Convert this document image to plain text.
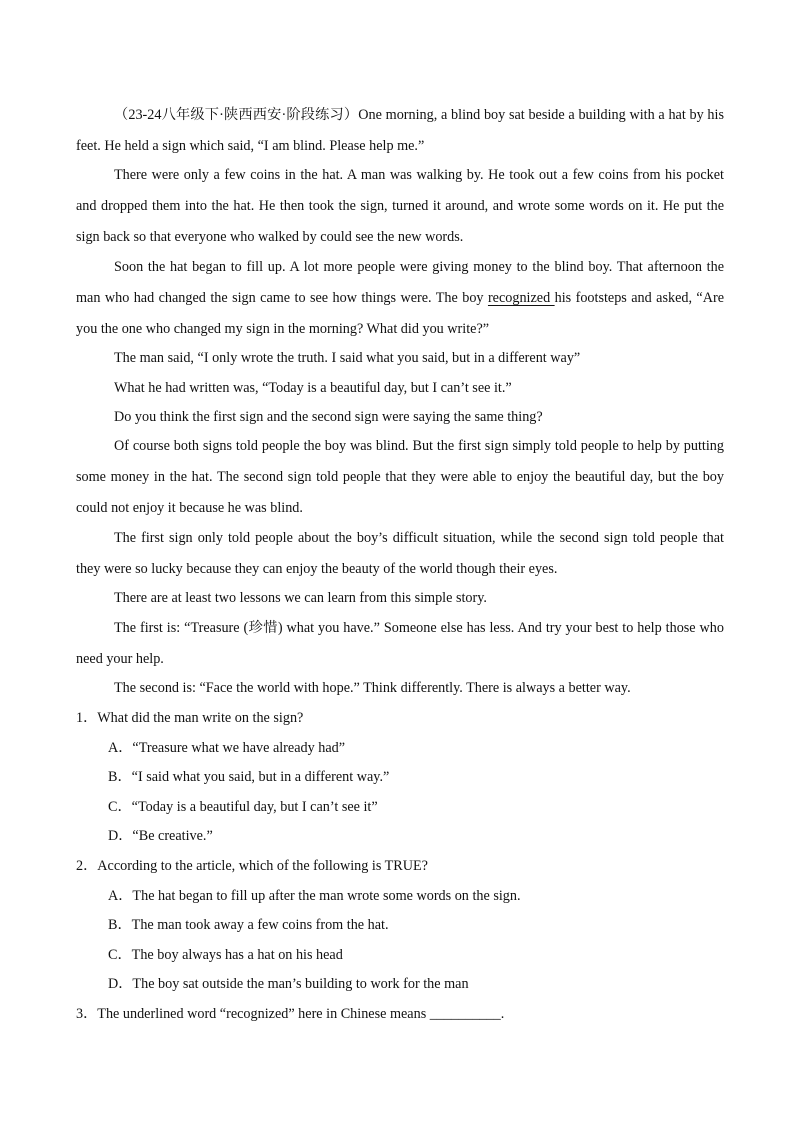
（23-24八年级下·陕西西安·阶段练习）One morning, a blind boy sat beside a building with a hat by his feet. He held a sign which said, “I am blind. Please help me.”

There were only a few coins in the hat. A man was walking by. He took out a few coins from his pocket and dropped them into the hat. He then took the sign, turned it around, and wrote some words on it. He put the sign back so that everyone who walked by could see the new words.

Soon the hat began to fill up. A lot more people were giving money to the blind boy. That afternoon the man who had changed the sign came to see how things were. The boy recognized his footsteps and asked, “Are you the one who changed my sign in the morning? What did you write?”

The man said, “I only wrote the truth. I said what you said, but in a different way”

What he had written was, “Today is a beautiful day, but I can’t see it.”

Do you think the first sign and the second sign were saying the same thing?

Of course both signs told people the boy was blind. But the first sign simply told people to help by putting some money in the hat. The second sign told people that they were able to enjoy the beautiful day, but the boy could not enjoy it because he was blind.

The first sign only told people about the boy’s difficult situation, while the second sign told people that they were so lucky because they can enjoy the beauty of the world though their eyes.

There are at least two lessons we can learn from this simple story.

The first is: “Treasure (珍惜) what you have.” Someone else has less. And try your best to help those who need your help.

The second is: “Face the world with hope.” Think differently. There is always a better way.

1．What did the man write on the sign?

A．“Treasure what we have already had”

B．“I said what you said, but in a different way.”

C．“Today is a beautiful day, but I can’t see it”

D．“Be creative.”

2．According to the article, which of the following is TRUE?

A．The hat began to fill up after the man wrote some words on the sign.

B．The man took away a few coins from the hat.

C．The boy always has a hat on his head

D．The boy sat outside the man’s building to work for the man

3．The underlined word “recognized” here in Chinese means __________.
